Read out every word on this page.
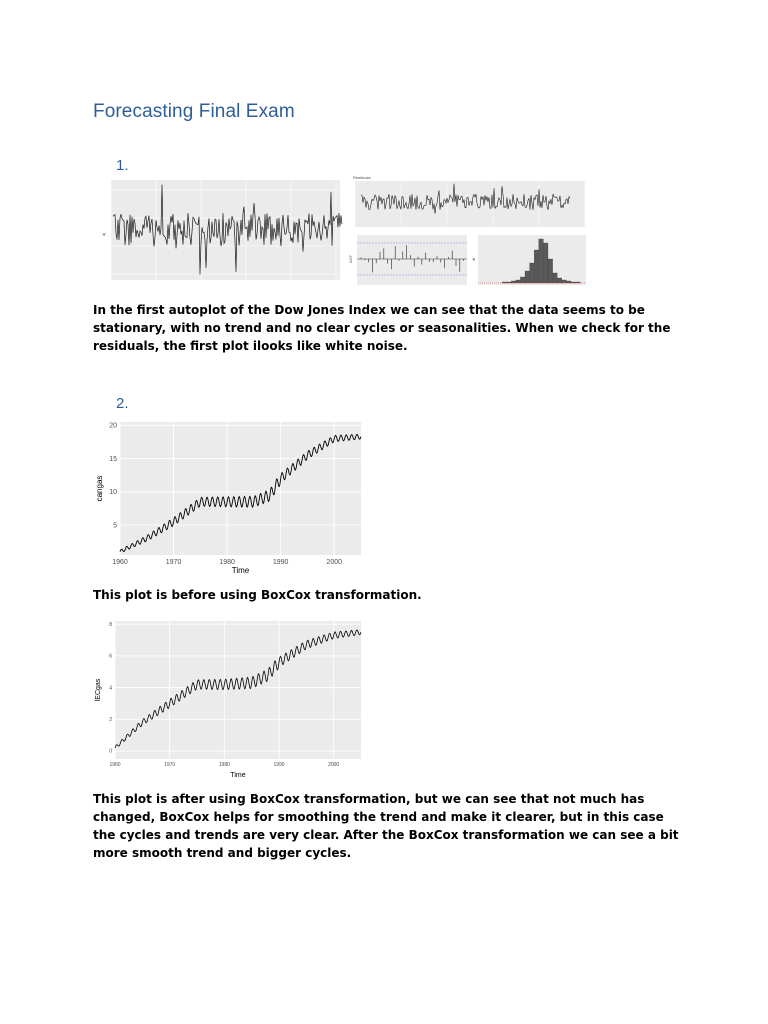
Forecasting Final Exam
1.
dj
Residuals
ACF	df
In the first autoplot of the Dow Jones Index we can see that the data seems to be stationary, with no trend and no clear cycles or seasonalities. When we check for the residuals, the first plot ilooks like white noise.
2.
1960	1970	1980	1990	2000
5
10
15
20
Time
cangas
This plot is before using BoxCox transformation.
1960	1970	1980	1990	2000
0
2
4
6
8
Time
lECgas
This plot is after using BoxCox transformation, but we can see that not much has changed, BoxCox helps for smoothing the trend and make it clearer, but in this case the cycles and trends are very clear. After the BoxCox transformation we can see a bit more smooth trend and bigger cycles.
